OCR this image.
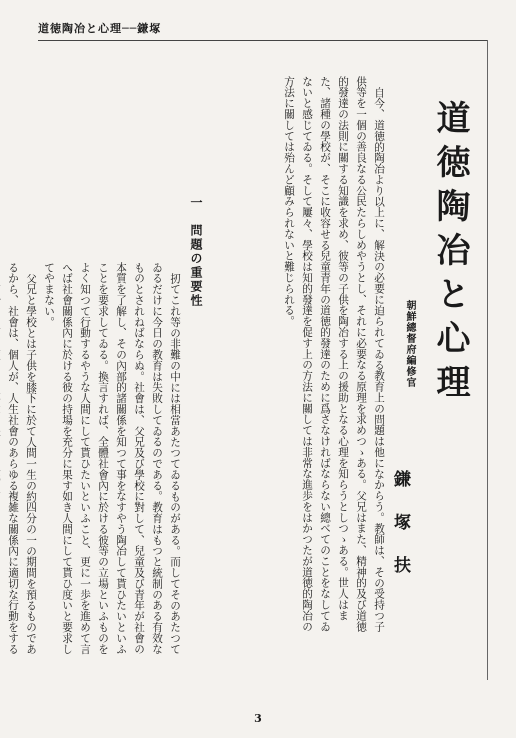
道徳陶冶と心理──鎌塚
道徳陶冶と心理
朝鮮總督府編修官
鎌塚扶

自今、道徳的陶冶より以上に、解決の必要に迫られてゐる教育上の問題は他になからう。教師は、その受持つ子供等を一個の善良なる公民たらしめやうとし、それに必要なる原理を求めつゝある。父兄はまた、精神的及び道徳的發達の法則に關する知識を求め、彼等の子供を陶冶する上の援助となる心理を知らうとしつゝある。世人はまた、諸種の學校が、そこに收容せる兒童青年の道徳的發達のために爲さなければならない總べてのことをなしてゐないと感じてゐる。そして屢々、學校は知的發達を促す上の方法に關しては非常な進歩をはかつたが道徳的陶冶の方法に關しては殆んど顧みられないと難じられる。

一　問題の重要性

扨てこれ等の非難の中には相當あたつてゐるものがある。而してそのあたつてゐるだけに今日の教育は失敗してゐるのである。教育はもつと統制のある有效なものとされねばならぬ。社會は、父兄及び學校に對して、兒童及び青年が社會の本質を了解し、その內部的諸關係を知つて事をなすやう陶冶して貰ひたいといふことを要求してゐる。換言すれば、全體社會內に於ける彼等の立場といふものをよく知つて行動するやうな人間にして貰ひたいといふこと、更に一歩を進めて言へば社會關係內に於ける彼の持場を充分に果す如き人間にして貰ひ度いと要求してやまない。

父兄と學校とは子供を膝下に於て人間一生の約四分の一の期間を預るものであるから、社會は、個人が、人生社會のあらゆる複雑な關係內に適切な行動をする

3
